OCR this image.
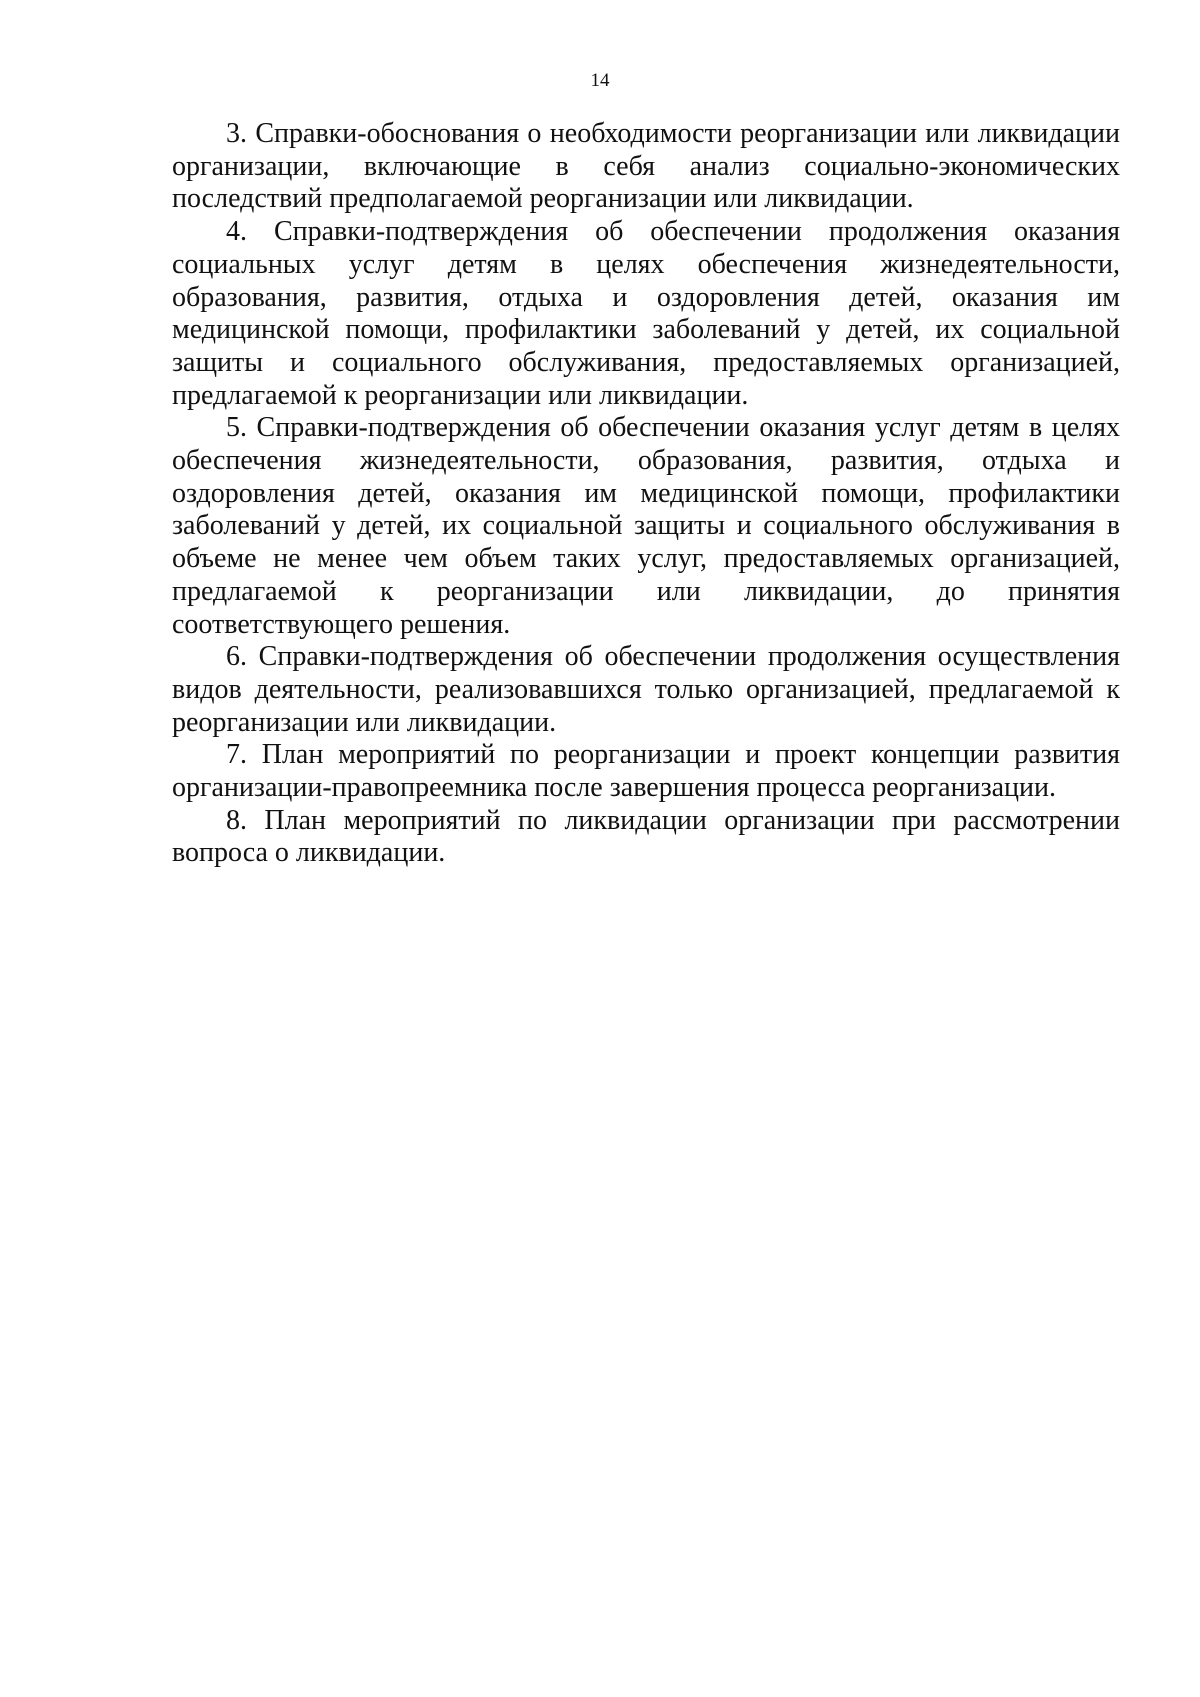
14

3. Справки-обоснования о необходимости реорганизации или ликвидации организации, включающие в себя анализ социально-экономических последствий предполагаемой реорганизации или ликвидации.

4. Справки-подтверждения об обеспечении продолжения оказания социальных услуг детям в целях обеспечения жизнедеятельности, образования, развития, отдыха и оздоровления детей, оказания им медицинской помощи, профилактики заболеваний у детей, их социальной защиты и социального обслуживания, предоставляемых организацией, предлагаемой к реорганизации или ликвидации.

5. Справки-подтверждения об обеспечении оказания услуг детям в целях обеспечения жизнедеятельности, образования, развития, отдыха и оздоровления детей, оказания им медицинской помощи, профилактики заболеваний у детей, их социальной защиты и социального обслуживания в объеме не менее чем объем таких услуг, предоставляемых организацией, предлагаемой к реорганизации или ликвидации, до принятия соответствующего решения.

6. Справки-подтверждения об обеспечении продолжения осуществления видов деятельности, реализовавшихся только организацией, предлагаемой к реорганизации или ликвидации.

7. План мероприятий по реорганизации и проект концепции развития организации-правопреемника после завершения процесса реорганизации.

8. План мероприятий по ликвидации организации при рассмотрении вопроса о ликвидации.
